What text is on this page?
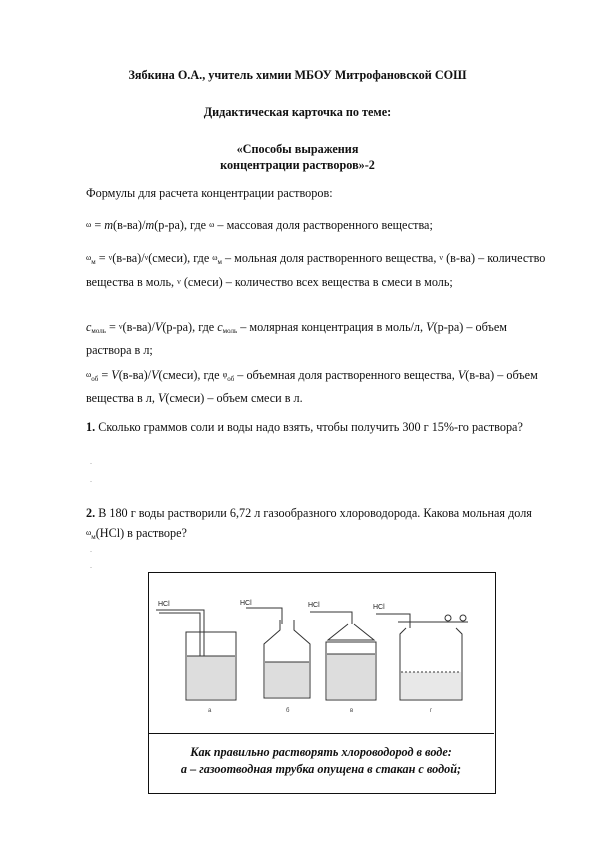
Зябкина О.А., учитель химии МБОУ Митрофановской СОШ
Дидактическая карточка по теме:
«Способы выражения
концентрации растворов»-2
Формулы для расчета концентрации растворов:
ω = m(в-ва)/m(р-ра), где ω – массовая доля растворенного вещества;
$\omega_м$ = ν(в-ва)/ν(смеси), где $\omega_м$ – мольная доля растворенного вещества, ν (в-ва) – количество вещества в моль, ν (смеси) – количество всех вещества в смеси в моль;
$c_{моль} = \nu(в-ва)/V(р-ра)$, где $c_{моль}$ – молярная концентрация в моль/л, V(р-ра) – объем раствора в л;
$\omega_{об}$ = V(в-ва)/V(смеси), где $\varphi_{об}$ – объемная доля растворенного вещества, V(в-ва) – объем вещества в л, V(смеси) – объем смеси в л.
1. Сколько граммов соли и воды надо взять, чтобы получить 300 г 15%-го раствора?
.
.
2. В 180 г воды растворили 6,72 л газообразного хлороводорода. Какова мольная доля $\omega_м(HCl)$ в растворе?
.
.
HCl
а
HCl
б
HCl
в
HCl
г
Как правильно растворять хлороводород в воде:
а – газоотводная трубка опущена в стакан с водой;
